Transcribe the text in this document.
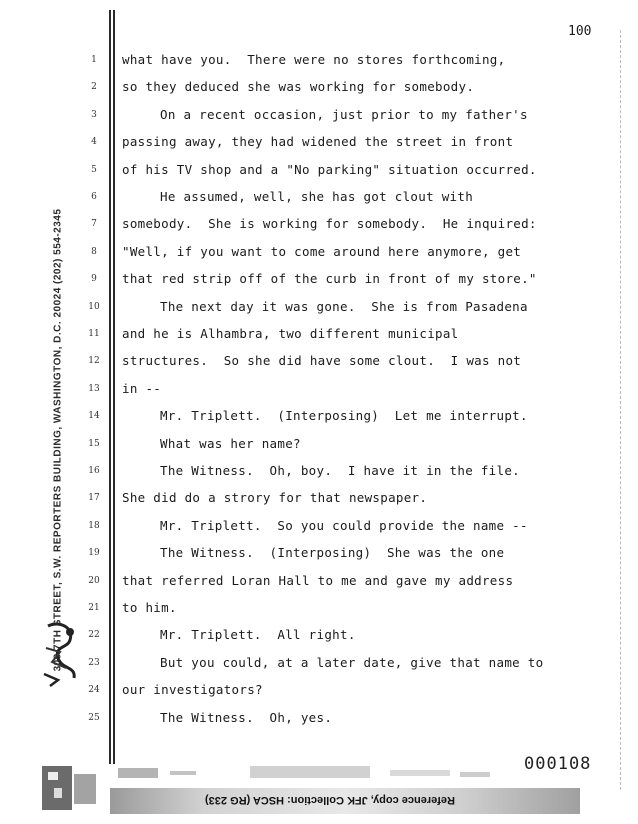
300 7TH STREET, S.W. REPORTERS BUILDING, WASHINGTON, D.C. 20024 (202) 554-2345
100
1	what have you.  There were no stores forthcoming,
2	so they deduced she was working for somebody.
3	On a recent occasion, just prior to my father's
4	passing away, they had widened the street in front
5	of his TV shop and a "No parking" situation occurred.
6	He assumed, well, she has got clout with
7	somebody.  She is working for somebody.  He inquired:
8	"Well, if you want to come around here anymore, get
9	that red strip off of the curb in front of my store."
10	The next day it was gone.  She is from Pasadena
11	and he is Alhambra, two different municipal
12	structures.  So she did have some clout.  I was not
13	in --
14	Mr. Triplett.  (Interposing)  Let me interrupt.
15	What was her name?
16	The Witness.  Oh, boy.  I have it in the file.
17	She did do a strory for that newspaper.
18	Mr. Triplett.  So you could provide the name --
19	The Witness.  (Interposing)  She was the one
20	that referred Loran Hall to me and gave my address
21	to him.
22	Mr. Triplett.  All right.
23	But you could, at a later date, give that name to
24	our investigators?
25	The Witness.  Oh, yes.
000108
Reference copy, JFK Collection: HSCA (RG 233)
